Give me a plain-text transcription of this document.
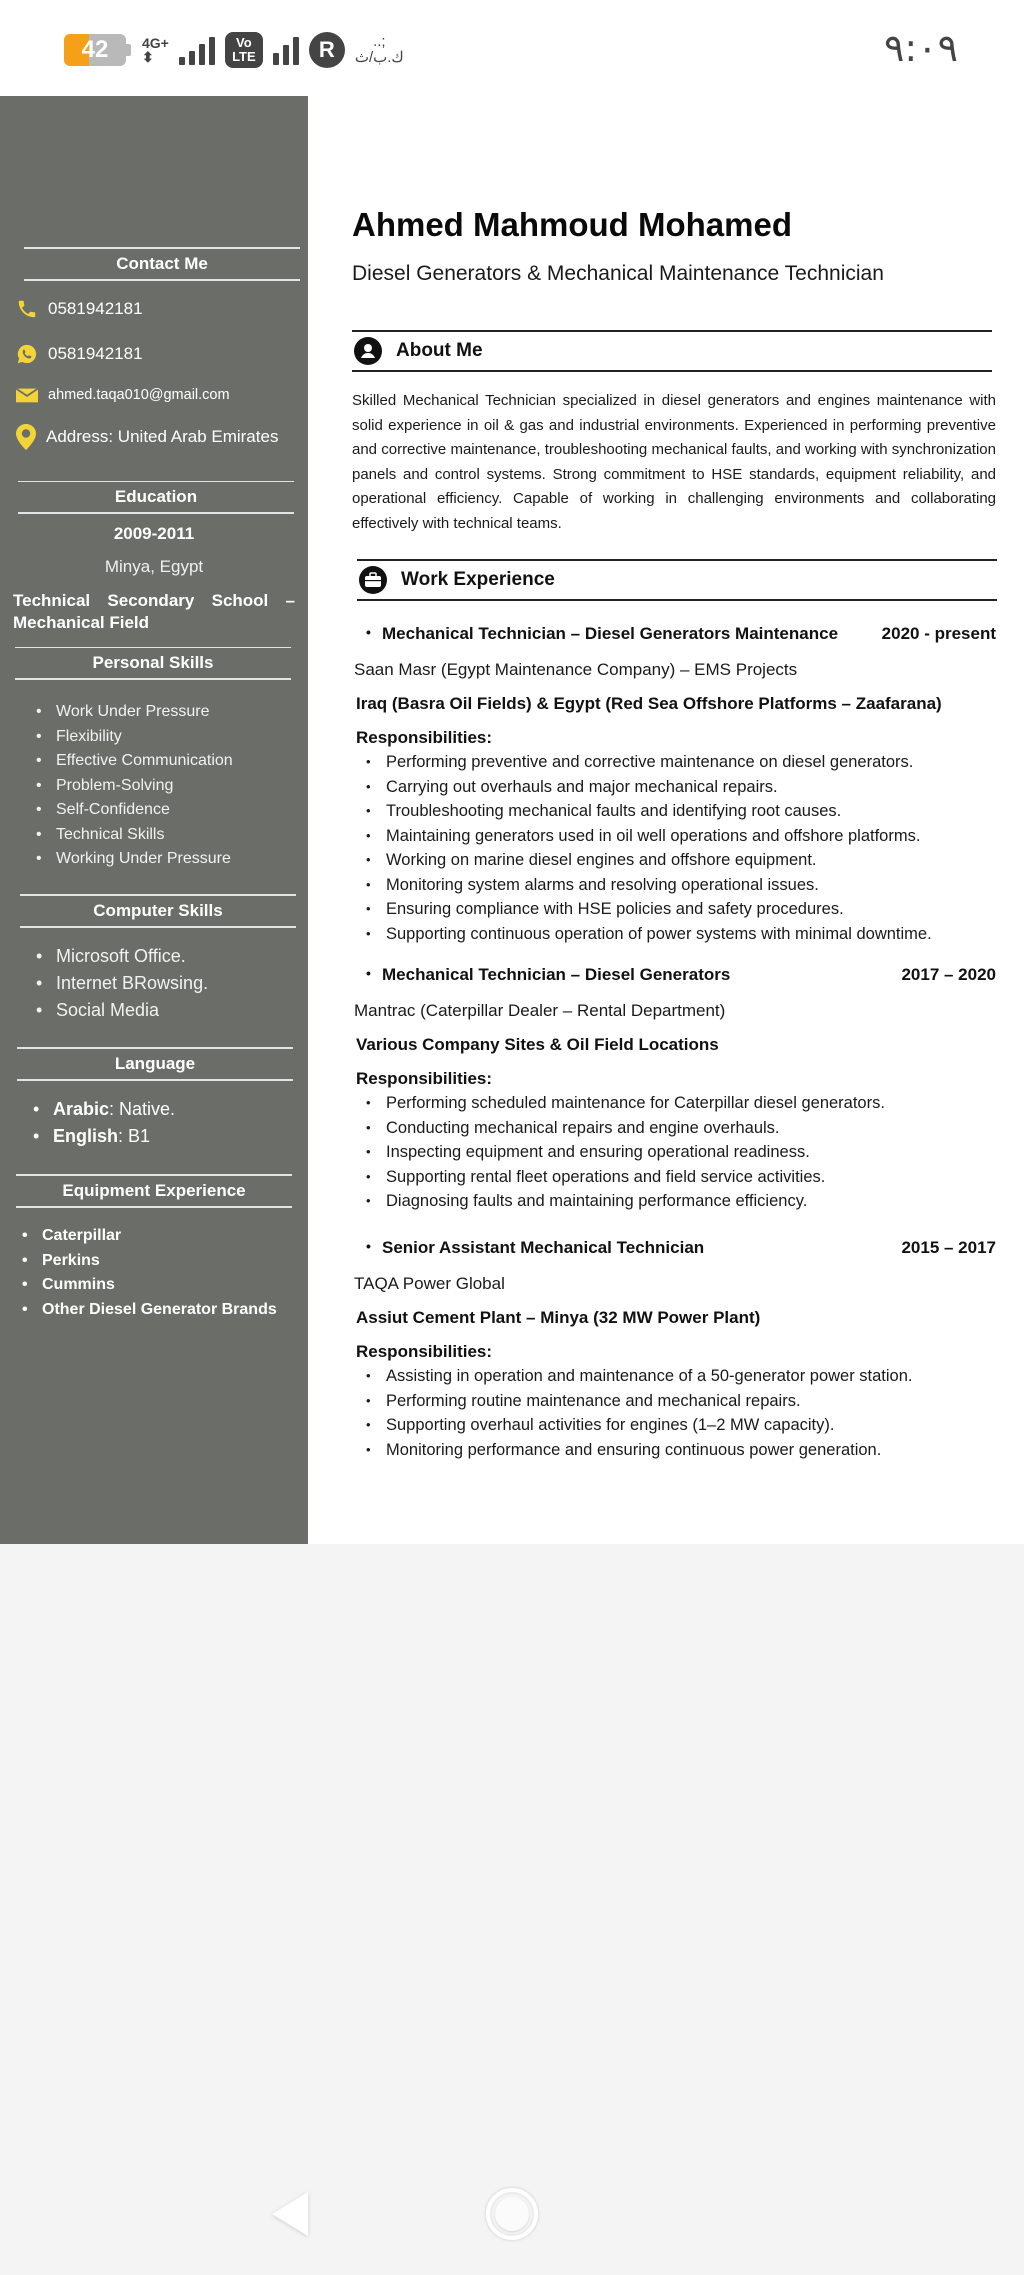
42 4G+
⬍
Vo
LTE	R	..;
ك.ب/ث	٩:٠٩
Contact Me
0581942181
0581942181
ahmed.taqa010@gmail.com
Address: United Arab Emirates
Education
2009-2011
Minya, Egypt
Technical Secondary School – Mechanical Field
Personal Skills
• Work Under Pressure
• Flexibility
• Effective Communication
• Problem-Solving
• Self-Confidence
• Technical Skills
• Working Under Pressure
Computer Skills
• Microsoft Office.
• Internet BRowsing.
• Social Media
Language
• Arabic: Native.
• English: B1
Equipment Experience
• Caterpillar
• Perkins
• Cummins
• Other Diesel Generator Brands
Ahmed Mahmoud Mohamed
Diesel Generators & Mechanical Maintenance Technician
About Me

Skilled Mechanical Technician specialized in diesel generators and engines maintenance with solid experience in oil & gas and industrial environments. Experienced in performing preventive and corrective maintenance, troubleshooting mechanical faults, and working with synchronization panels and control systems. Strong commitment to HSE standards, equipment reliability, and operational efficiency. Capable of working in challenging environments and collaborating effectively with technical teams.

Work Experience
• Mechanical Technician – Diesel Generators Maintenance	2020 - present
Saan Masr (Egypt Maintenance Company) – EMS Projects
Iraq (Basra Oil Fields) & Egypt (Red Sea Offshore Platforms – Zaafarana)
Responsibilities:
• Performing preventive and corrective maintenance on diesel generators.
• Carrying out overhauls and major mechanical repairs.
• Troubleshooting mechanical faults and identifying root causes.
• Maintaining generators used in oil well operations and offshore platforms.
• Working on marine diesel engines and offshore equipment.
• Monitoring system alarms and resolving operational issues.
• Ensuring compliance with HSE policies and safety procedures.
• Supporting continuous operation of power systems with minimal downtime.
• Mechanical Technician – Diesel Generators	2017 – 2020
Mantrac (Caterpillar Dealer – Rental Department)
Various Company Sites & Oil Field Locations
Responsibilities:
• Performing scheduled maintenance for Caterpillar diesel generators.
• Conducting mechanical repairs and engine overhauls.
• Inspecting equipment and ensuring operational readiness.
• Supporting rental fleet operations and field service activities.
• Diagnosing faults and maintaining performance efficiency.
• Senior Assistant Mechanical Technician	2015 – 2017
TAQA Power Global
Assiut Cement Plant – Minya (32 MW Power Plant)
Responsibilities:
• Assisting in operation and maintenance of a 50-generator power station.
• Performing routine maintenance and mechanical repairs.
• Supporting overhaul activities for engines (1–2 MW capacity).
• Monitoring performance and ensuring continuous power generation.
